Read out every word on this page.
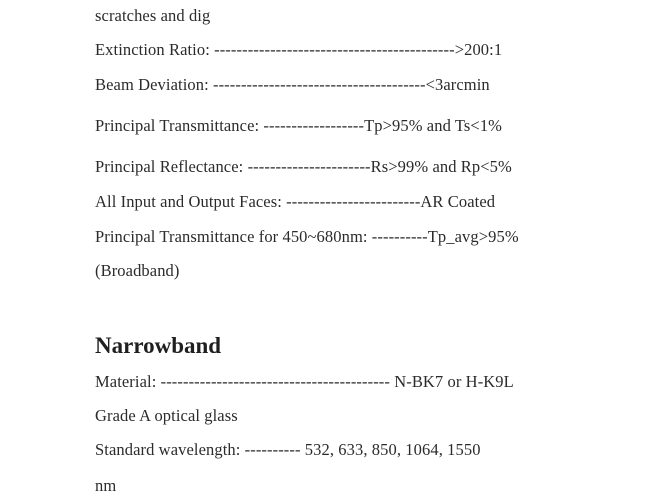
scratches and dig
Extinction Ratio: ------------------------------------------->200:1
Beam Deviation: --------------------------------------<3arcmin
Principal Transmittance: ------------------Tp>95% and Ts<1%
Principal Reflectance: ----------------------Rs>99% and Rp<5%
All Input and Output Faces: ------------------------AR Coated
Principal Transmittance for 450~680nm: ----------Tp_avg>95%
(Broadband)
Narrowband
Material: ----------------------------------------- N-BK7 or H-K9L
Grade A optical glass
Standard wavelength: ---------- 532, 633, 850, 1064, 1550
nm
